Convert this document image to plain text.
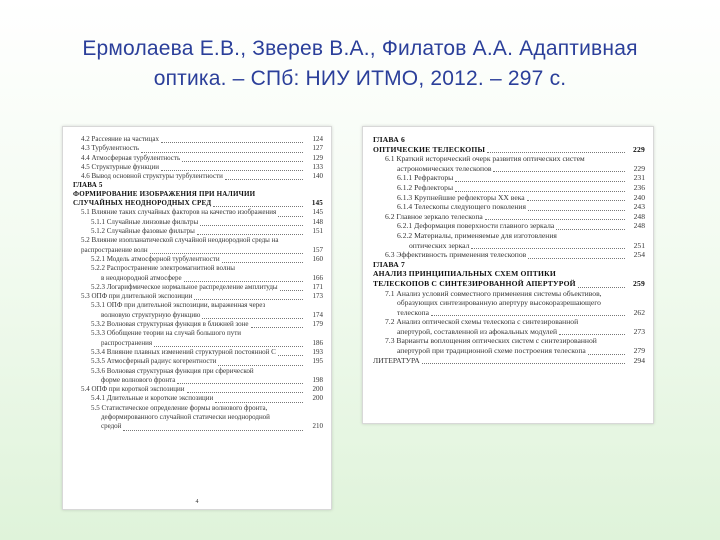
Ермолаева Е.В., Зверев В.А., Филатов А.А. Адаптивная
оптика. – СПб: НИУ ИТМО, 2012. – 297 с.
4.2 Рассеяние на частицах	124
4.3 Турбулентность	127
4.4 Атмосферная турбулентность	129
4.5 Структурные функции	133
4.6 Вывод основной структуры турбулентности	140
ГЛАВА 5
ФОРМИРОВАНИЕ ИЗОБРАЖЕНИЯ ПРИ НАЛИЧИИ
СЛУЧАЙНЫХ НЕОДНОРОДНЫХ СРЕД	145
5.1 Влияние таких случайных факторов на качество изображения	145
5.1.1 Случайные линзовые фильтры	148
5.1.2 Случайные фазовые фильтры	151
5.2 Влияние изопланатической случайной неоднородной среды на
распространение волн	157
5.2.1 Модель атмосферной турбулентности	160
5.2.2 Распространение электромагнитной волны
в неоднородной атмосфере	166
5.2.3 Логарифмическое нормальное распределение амплитуды	171
5.3 ОПФ при длительной экспозиции	173
5.3.1 ОПФ при длительной экспозиции, выраженная через
волновую структурную функцию	174
5.3.2 Волновая структурная функция в ближней зоне	179
5.3.3 Обобщение теории на случай большого пути
распространения	186
5.3.4 Влияние плавных изменений структурной постоянной C	193
5.3.5 Атмосферный радиус когерентности	195
5.3.6 Волновая структурная функция при сферической
форме волнового фронта	198
5.4 ОПФ при короткой экспозиции	200
5.4.1 Длительные и короткие экспозиции	200
5.5 Статистическое определение формы волнового фронта,
деформированного случайной статически неоднородной
средой	210
4
ГЛАВА 6
ОПТИЧЕСКИЕ ТЕЛЕСКОПЫ	229
6.1 Краткий исторический очерк развития оптических систем
астрономических телескопов	229
6.1.1 Рефракторы	231
6.1.2 Рефлекторы	236
6.1.3 Крупнейшие рефлекторы XX века	240
6.1.4 Телескопы следующего поколения	243
6.2 Главное зеркало телескопа	248
6.2.1 Деформация поверхности главного зеркала	248
6.2.2 Материалы, применяемые для изготовления
оптических зеркал	251
6.3 Эффективность применения телескопов	254
ГЛАВА 7
АНАЛИЗ ПРИНЦИПИАЛЬНЫХ СХЕМ ОПТИКИ
ТЕЛЕСКОПОВ С СИНТЕЗИРОВАННОЙ АПЕРТУРОЙ	259
7.1 Анализ условий совместного применения системы объективов,
образующих синтезированную апертуру высокоразрешающего
телескопа	262
7.2 Анализ оптической схемы телескопа с синтезированной
апертурой, составленной из афокальных модулей	273
7.3 Варианты воплощения оптических систем с синтезированной
апертурой при традиционной схеме построения телескопа	279
ЛИТЕРАТУРА	294
